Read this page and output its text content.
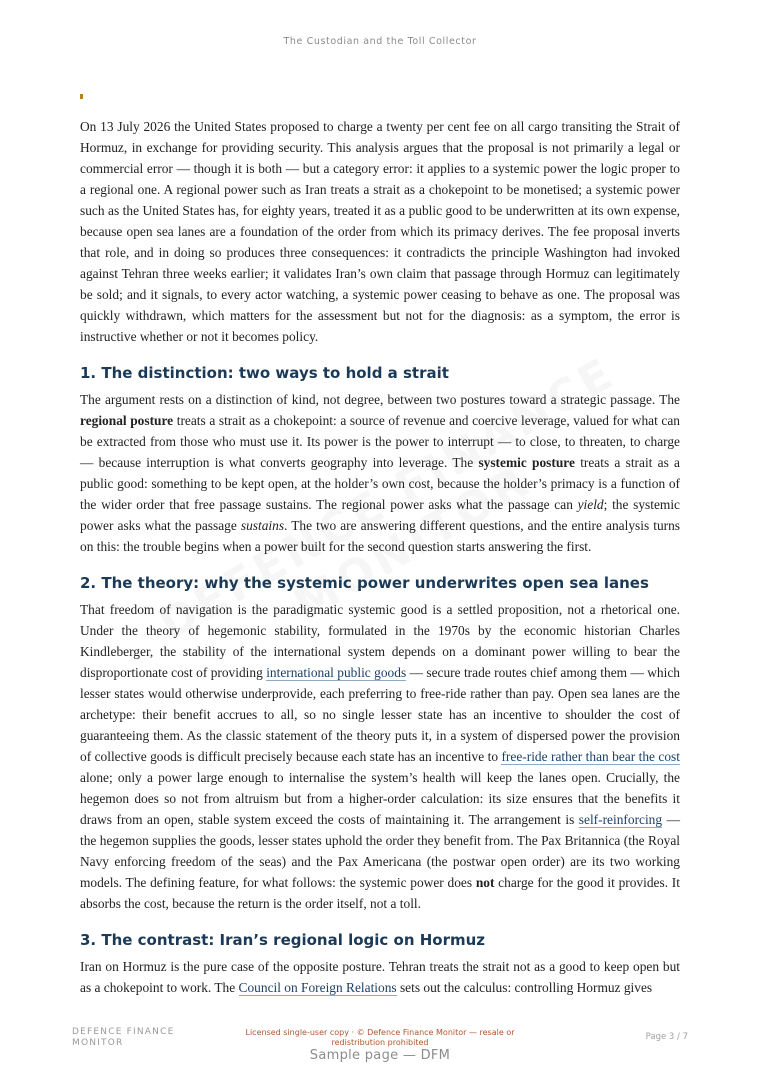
The Custodian and the Toll Collector

On 13 July 2026 the United States proposed to charge a twenty per cent fee on all cargo transiting the Strait of Hormuz, in exchange for providing security. This analysis argues that the proposal is not primarily a legal or commercial error — though it is both — but a category error: it applies to a systemic power the logic proper to a regional one. A regional power such as Iran treats a strait as a chokepoint to be monetised; a systemic power such as the United States has, for eighty years, treated it as a public good to be underwritten at its own expense, because open sea lanes are a foundation of the order from which its primacy derives. The fee proposal inverts that role, and in doing so produces three consequences: it contradicts the principle Washington had invoked against Tehran three weeks earlier; it validates Iran’s own claim that passage through Hormuz can legitimately be sold; and it signals, to every actor watching, a systemic power ceasing to behave as one. The proposal was quickly withdrawn, which matters for the assessment but not for the diagnosis: as a symptom, the error is instructive whether or not it becomes policy.

1. The distinction: two ways to hold a strait

The argument rests on a distinction of kind, not degree, between two postures toward a strategic passage. The regional posture treats a strait as a chokepoint: a source of revenue and coercive leverage, valued for what can be extracted from those who must use it. Its power is the power to interrupt — to close, to threaten, to charge — because interruption is what converts geography into leverage. The systemic posture treats a strait as a public good: something to be kept open, at the holder’s own cost, because the holder’s primacy is a function of the wider order that free passage sustains. The regional power asks what the passage can yield; the systemic power asks what the passage sustains. The two are answering different questions, and the entire analysis turns on this: the trouble begins when a power built for the second question starts answering the first.

2. The theory: why the systemic power underwrites open sea lanes

That freedom of navigation is the paradigmatic systemic good is a settled proposition, not a rhetorical one. Under the theory of hegemonic stability, formulated in the 1970s by the economic historian Charles Kindleberger, the stability of the international system depends on a dominant power willing to bear the disproportionate cost of providing international public goods — secure trade routes chief among them — which lesser states would otherwise underprovide, each preferring to free-ride rather than pay. Open sea lanes are the archetype: their benefit accrues to all, so no single lesser state has an incentive to shoulder the cost of guaranteeing them. As the classic statement of the theory puts it, in a system of dispersed power the provision of collective goods is difficult precisely because each state has an incentive to free-ride rather than bear the cost alone; only a power large enough to internalise the system’s health will keep the lanes open. Crucially, the hegemon does so not from altruism but from a higher-order calculation: its size ensures that the benefits it draws from an open, stable system exceed the costs of maintaining it. The arrangement is self-reinforcing — the hegemon supplies the goods, lesser states uphold the order they benefit from. The Pax Britannica (the Royal Navy enforcing freedom of the seas) and the Pax Americana (the postwar open order) are its two working models. The defining feature, for what follows: the systemic power does not charge for the good it provides. It absorbs the cost, because the return is the order itself, not a toll.

3. The contrast: Iran’s regional logic on Hormuz

Iran on Hormuz is the pure case of the opposite posture. Tehran treats the strait not as a good to keep open but as a chokepoint to work. The Council on Foreign Relations sets out the calculus: controlling Hormuz gives

DEFENCE FINANCE MONITOR
Licensed single-user copy · © Defence Finance Monitor — resale or redistribution prohibited
Page 3 / 7
Sample page — DFM
